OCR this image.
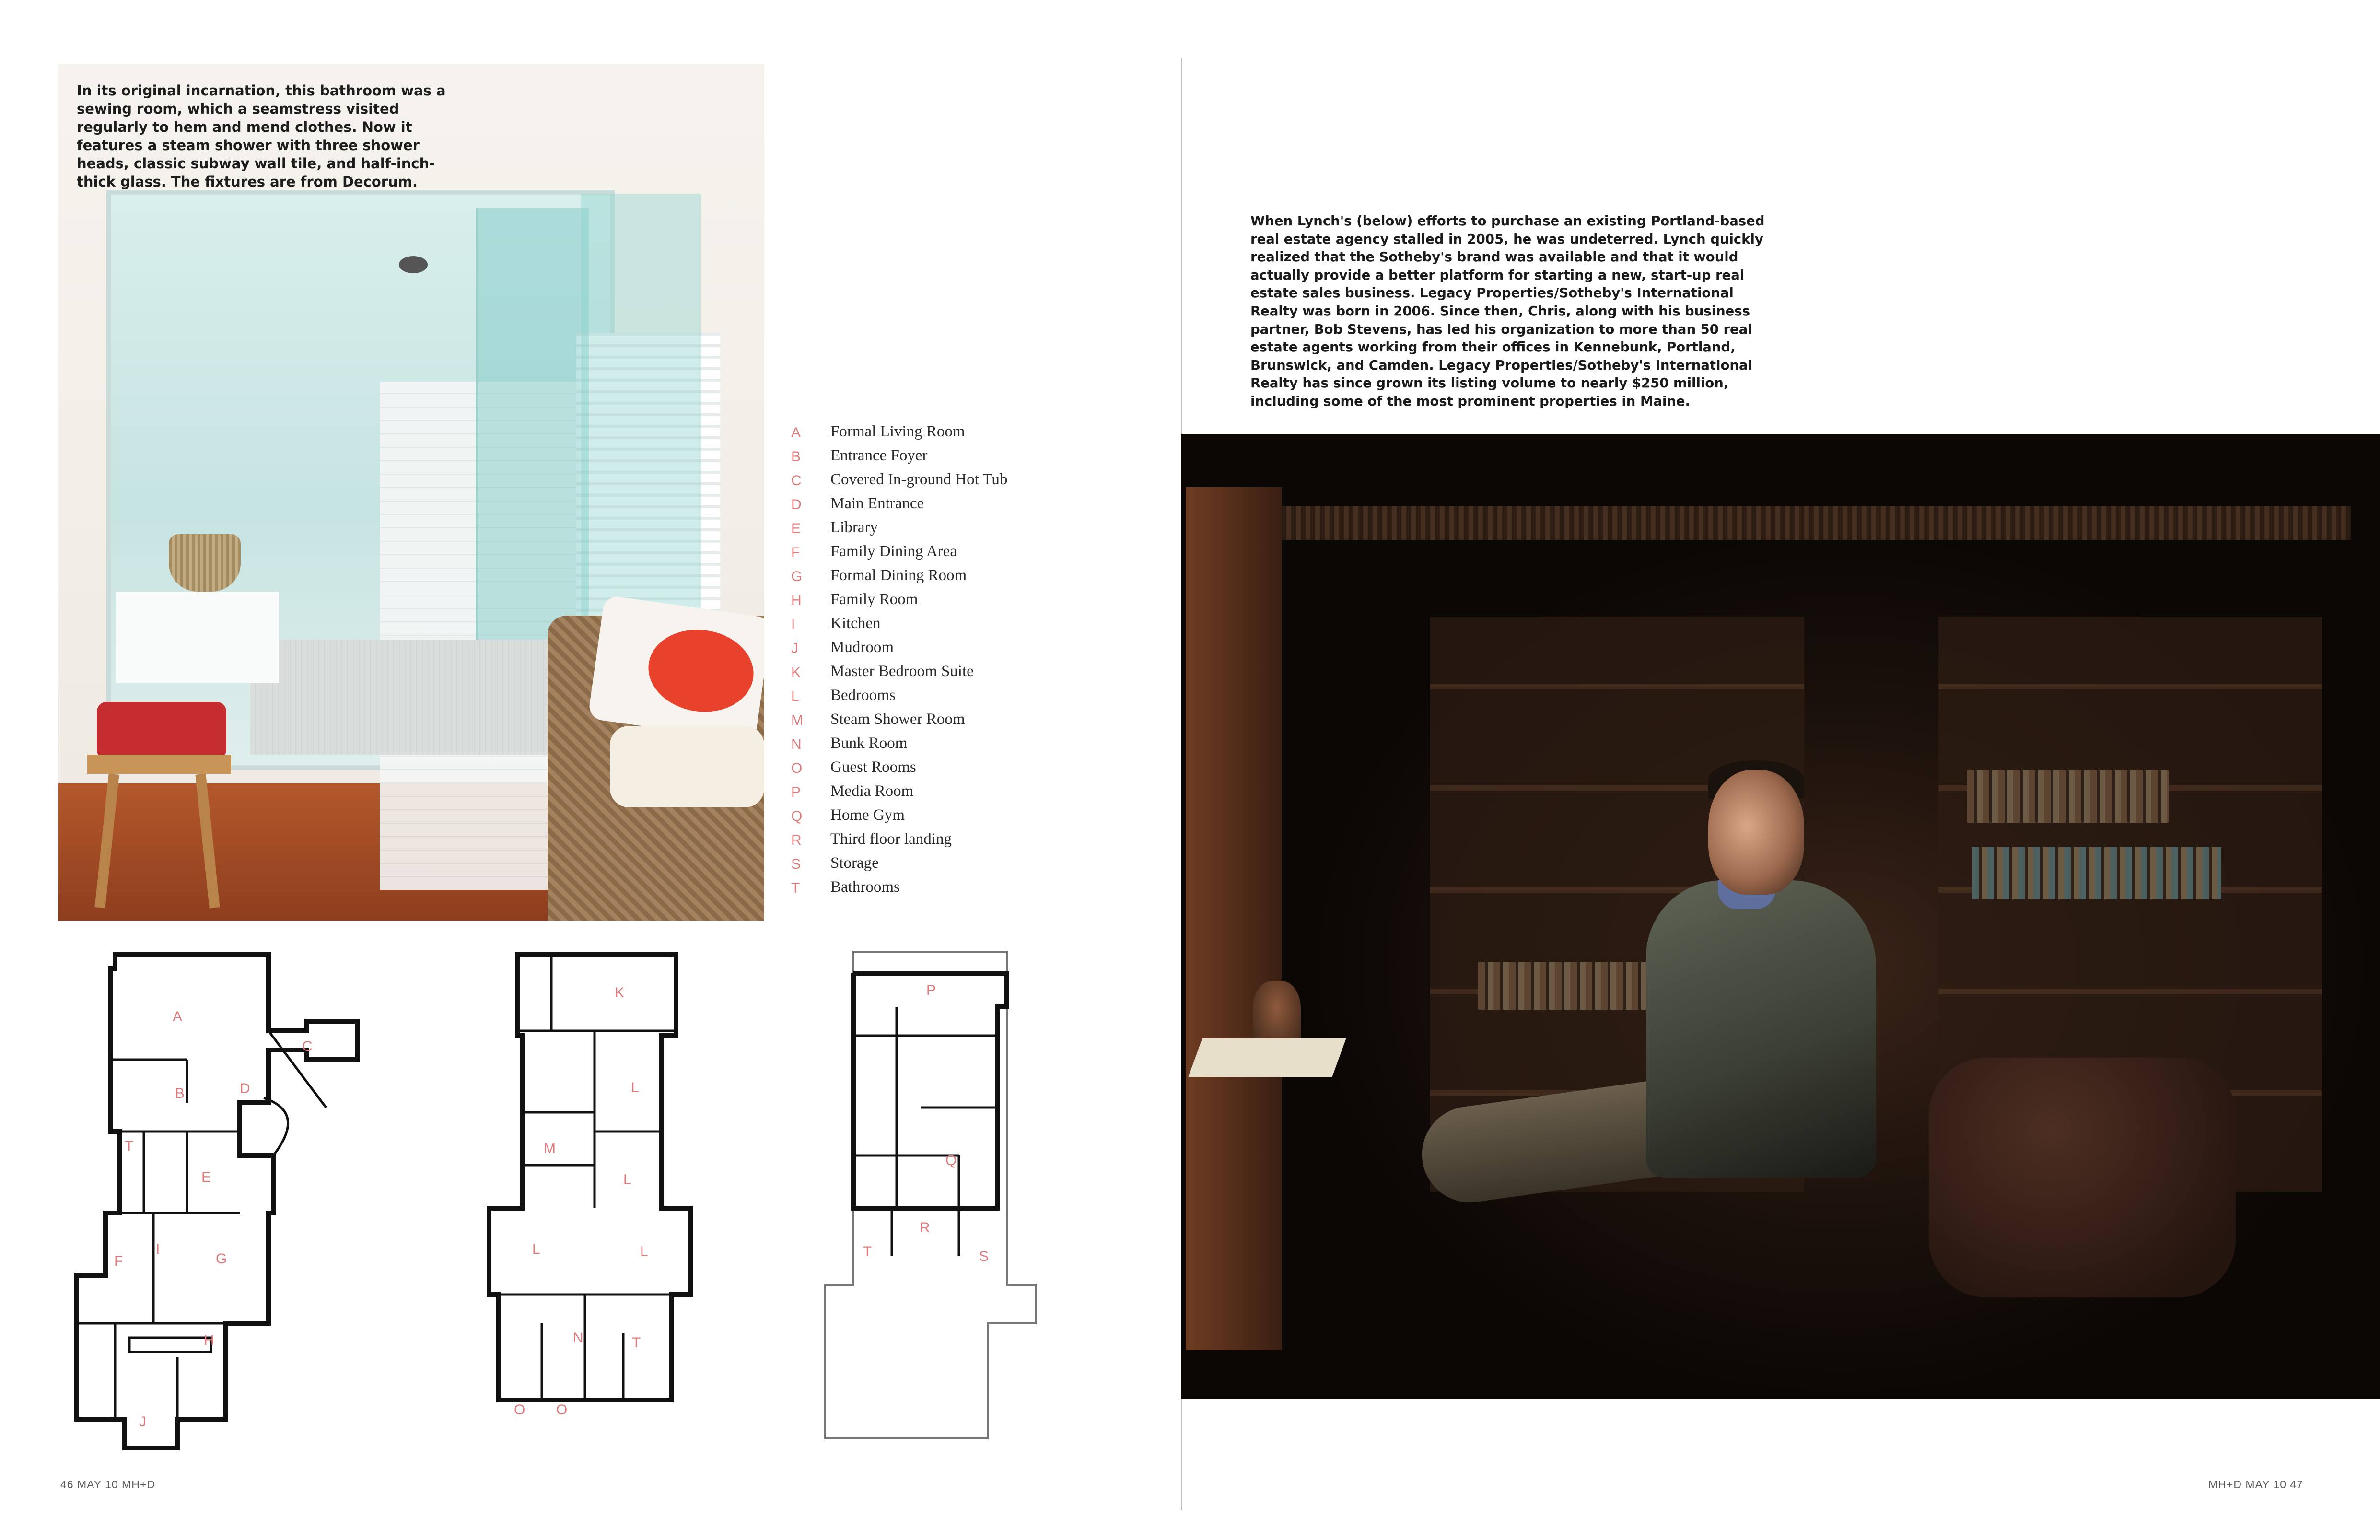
In its original incarnation, this bathroom was a sewing room, which a seamstress visited regularly to hem and mend clothes. Now it features a steam shower with three shower heads, classic subway wall tile, and half-inch-thick glass. The fixtures are from Decorum.
A	Formal Living Room
B	Entrance Foyer
C	Covered In-ground Hot Tub
D	Main Entrance
E	Library
F	Family Dining Area
G	Formal Dining Room
H	Family Room
I	Kitchen
J	Mudroom
K	Master Bedroom Suite
L	Bedrooms
M	Steam Shower Room
N	Bunk Room
O	Guest Rooms
P	Media Room
Q	Home Gym
R	Third floor landing
S	Storage
T	Bathrooms
A
B
C
D
E
F	G
H
I
J
T
K
L
M
L
L	L
N	T
O O
P
Q
R
S
T
46 MAY 10 MH+D	MH+D MAY 10 47
When Lynch's (below) efforts to purchase an existing Portland-based real estate agency stalled in 2005, he was undeterred. Lynch quickly realized that the Sotheby's brand was available and that it would actually provide a better platform for starting a new, start-up real estate sales business. Legacy Properties/Sotheby's International Realty was born in 2006. Since then, Chris, along with his business partner, Bob Stevens, has led his organization to more than 50 real estate agents working from their offices in Kennebunk, Portland, Brunswick, and Camden. Legacy Properties/Sotheby's International Realty has since grown its listing volume to nearly $250 million, including some of the most prominent properties in Maine.
